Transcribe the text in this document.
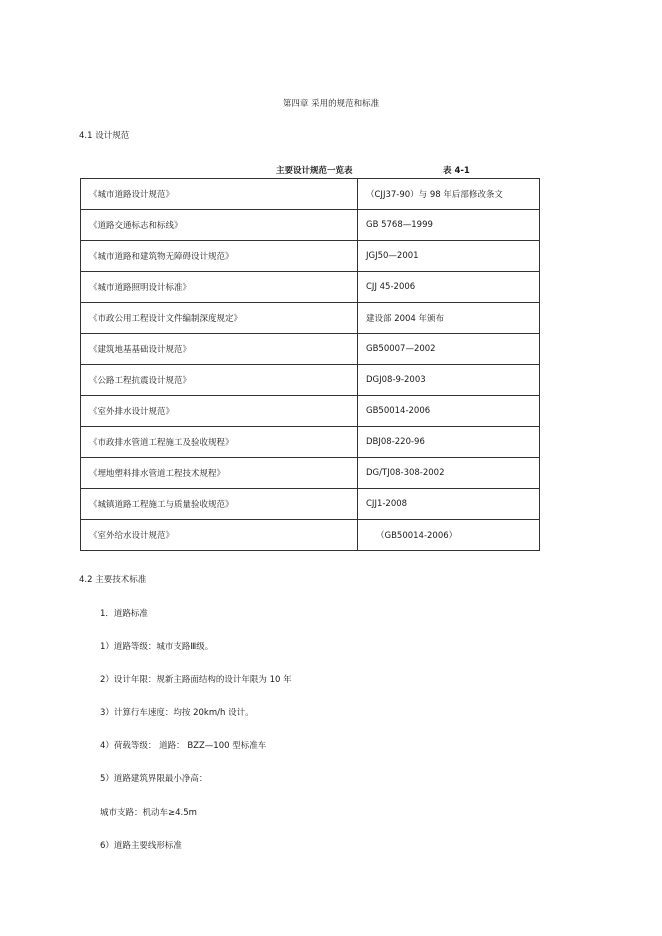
第四章 采用的规范和标准
4.1 设计规范
主要设计规范一览表	表 4-1
《城市道路设计规范》	（CJJ37-90）与 98 年后部修改条文
《道路交通标志和标线》	GB 5768—1999
《城市道路和建筑物无障碍设计规范》	JGJ50—2001
《城市道路照明设计标准》	CJJ 45-2006
《市政公用工程设计文件编制深度规定》	建设部 2004 年颁布
《建筑地基基础设计规范》	GB50007—2002
《公路工程抗震设计规范》	DGJ08-9-2003
《室外排水设计规范》	GB50014-2006
《市政排水管道工程施工及验收规程》	DBJ08-220-96
《埋地塑料排水管道工程技术规程》	DG/TJ08-308-2002
《城镇道路工程施工与质量验收规范》	CJJ1-2008
《室外给水设计规范》	（GB50014-2006）
4.2 主要技术标准
1．道路标准
1）道路等级：城市支路Ⅲ级。
2）设计年限：规新主路面结构的设计年限为 10 年
3）计算行车速度：均按 20km/h 设计。
4）荷载等级： 道路： BZZ—100 型标准车
5）道路建筑界限最小净高：
城市支路：机动车≥4.5m
6）道路主要线形标准
